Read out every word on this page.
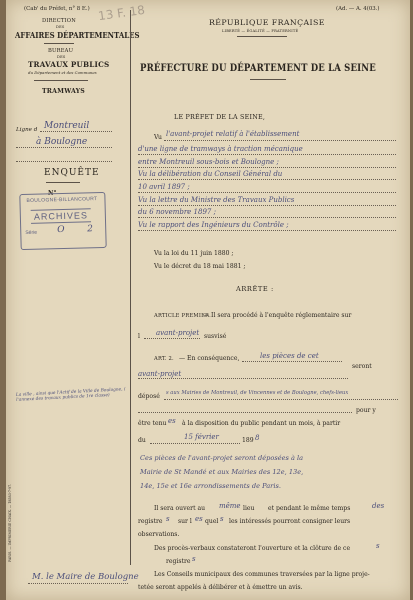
(Cab' du Préfet, n° 8 E.) 13 F. 18
DIRECTION
DES
AFFAIRES DÉPARTEMENTALES
BUREAU
DES
TRAVAUX PUBLICS
du Département et des Communes
TRAMWAYS
Ligne d Montreuil
à Boulogne
ENQUÊTE
N°
BOULOGNE-BILLANCOURT
ARCHIVES
Série O 2
La ville , ainsi que l'Actif de la Ville de Boulogne, ( l'annexe des travaux publics de 1re classe)
PARIS. — IMPRIMERIE CHAIX. — 18583-7-97.
(Ad. — A. 4(03.)
RÉPUBLIQUE FRANÇAISE
LIBERTÉ — ÉGALITÉ — FRATERNITÉ
PRÉFECTURE DU DÉPARTEMENT DE LA SEINE
LE PRÉFET DE LA SEINE,
Vu l'avant-projet relatif à l'établissement
d'une ligne de tramways à traction mécanique
entre Montreuil sous-bois et Boulogne ;
Vu la délibération du Conseil Général du
10 avril 1897 ;
Vu la lettre du Ministre des Travaux Publics
du 6 novembre 1897 ;
Vu le rapport des Ingénieurs du Contrôle ;
Vu la loi du 11 juin 1880 ;
Vu le décret du 18 mai 1881 ;
ARRÊTE :
ARTICLE PREMIER.
— Il sera procédé à l'enquête réglementaire sur
l avant-projet susvisé
ART. 2. — En conséquence,	les pièces de cet
seront
avant-projet
déposé s aux Mairies de Montreuil, de Vincennes et de Boulogne, chefs-lieux
pour y
être tenu es à la disposition du public pendant un mois, à partir
du	15 février	189 8
Ces pièces de l'avant-projet seront déposées à la
Mairie de St Mandé et aux Mairies des 12e, 13e,
14e, 15e et 16e arrondissements de Paris.
Il sera ouvert au même lieu et pendant le même temps	des
registre s sur l es quel s les intéressés pourront consigner leurs
observations.
Des procès-verbaux constateront l'ouverture et la clôture de ce	s
registre s
Les Conseils municipaux des communes traversées par la ligne proje-
tetée seront appelés à délibérer et à émettre un avis.
M. le Maire de Boulogne
